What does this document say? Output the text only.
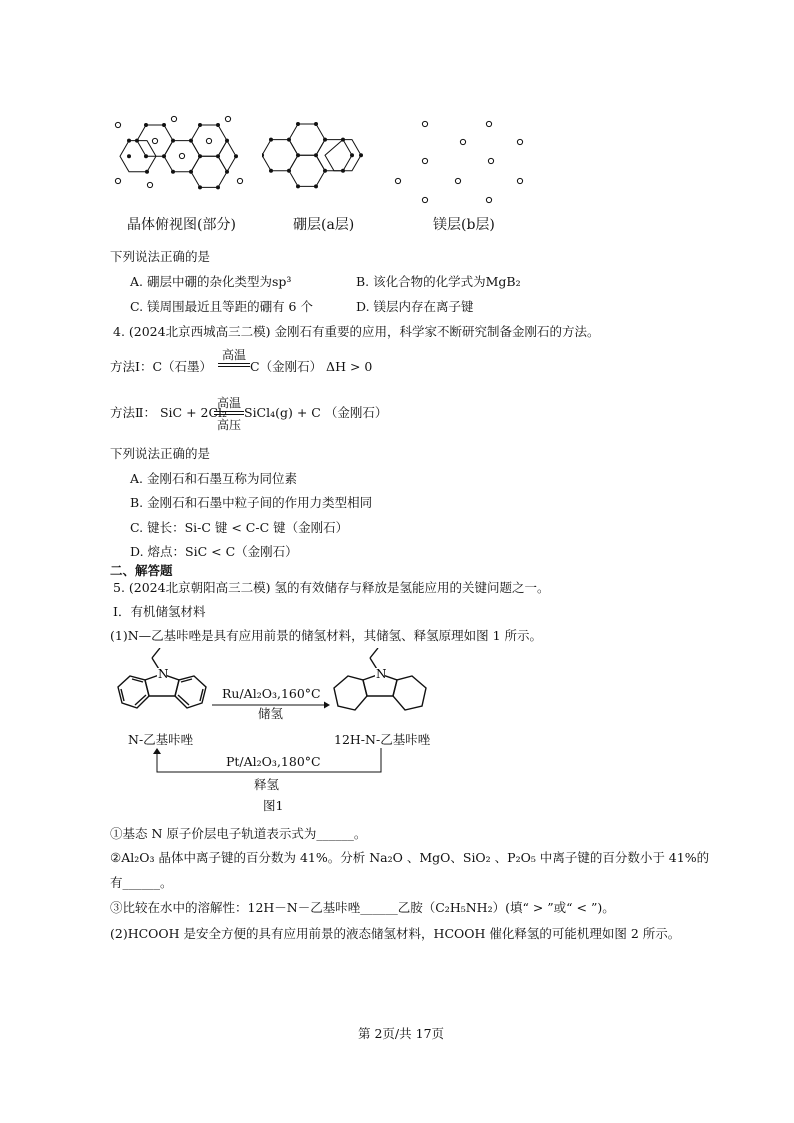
晶体俯视图(部分)	硼层(a层)	镁层(b层)
下列说法正确的是
A. 硼层中硼的杂化类型为sp³	B. 该化合物的化学式为MgB₂
C. 镁周围最近且等距的硼有 6 个	D. 镁层内存在离子键
4. (2024北京西城高三二模) 金刚石有重要的应用，科学家不断研究制备金刚石的方法。
方法Ⅰ：C（石墨）
高温
C（金刚石） ΔH > 0
方法Ⅱ： SiC + 2Cl₂
高温
高压
SiCl₄(g) + C （金刚石）
下列说法正确的是
A. 金刚石和石墨互称为同位素
B. 金刚石和石墨中粒子间的作用力类型相同
C. 键长：Si-C 键 < C-C 键（金刚石）
D. 熔点：SiC < C（金刚石）
二、解答题
5. (2024北京朝阳高三二模) 氢的有效储存与释放是氢能应用的关键问题之一。
Ⅰ．有机储氢材料
(1)N—乙基咔唑是具有应用前景的储氢材料，其储氢、释氢原理如图 1 所示。
N	N
Ru/Al₂O₃,160°C
储氢
N-乙基咔唑	12H-N-乙基咔唑
Pt/Al₂O₃,180°C
释氢
图1
①基态 N 原子价层电子轨道表示式为______。
②Al₂O₃ 晶体中离子键的百分数为 41%。分析 Na₂O 、MgO、SiO₂ 、P₂O₅ 中离子键的百分数小于 41%的
有______。
③比较在水中的溶解性：12H－N－乙基咔唑______乙胺（C₂H₅NH₂）(填“ > ”或“ < ”)。
(2)HCOOH 是安全方便的具有应用前景的液态储氢材料，HCOOH 催化释氢的可能机理如图 2 所示。
第 2页/共 17页
